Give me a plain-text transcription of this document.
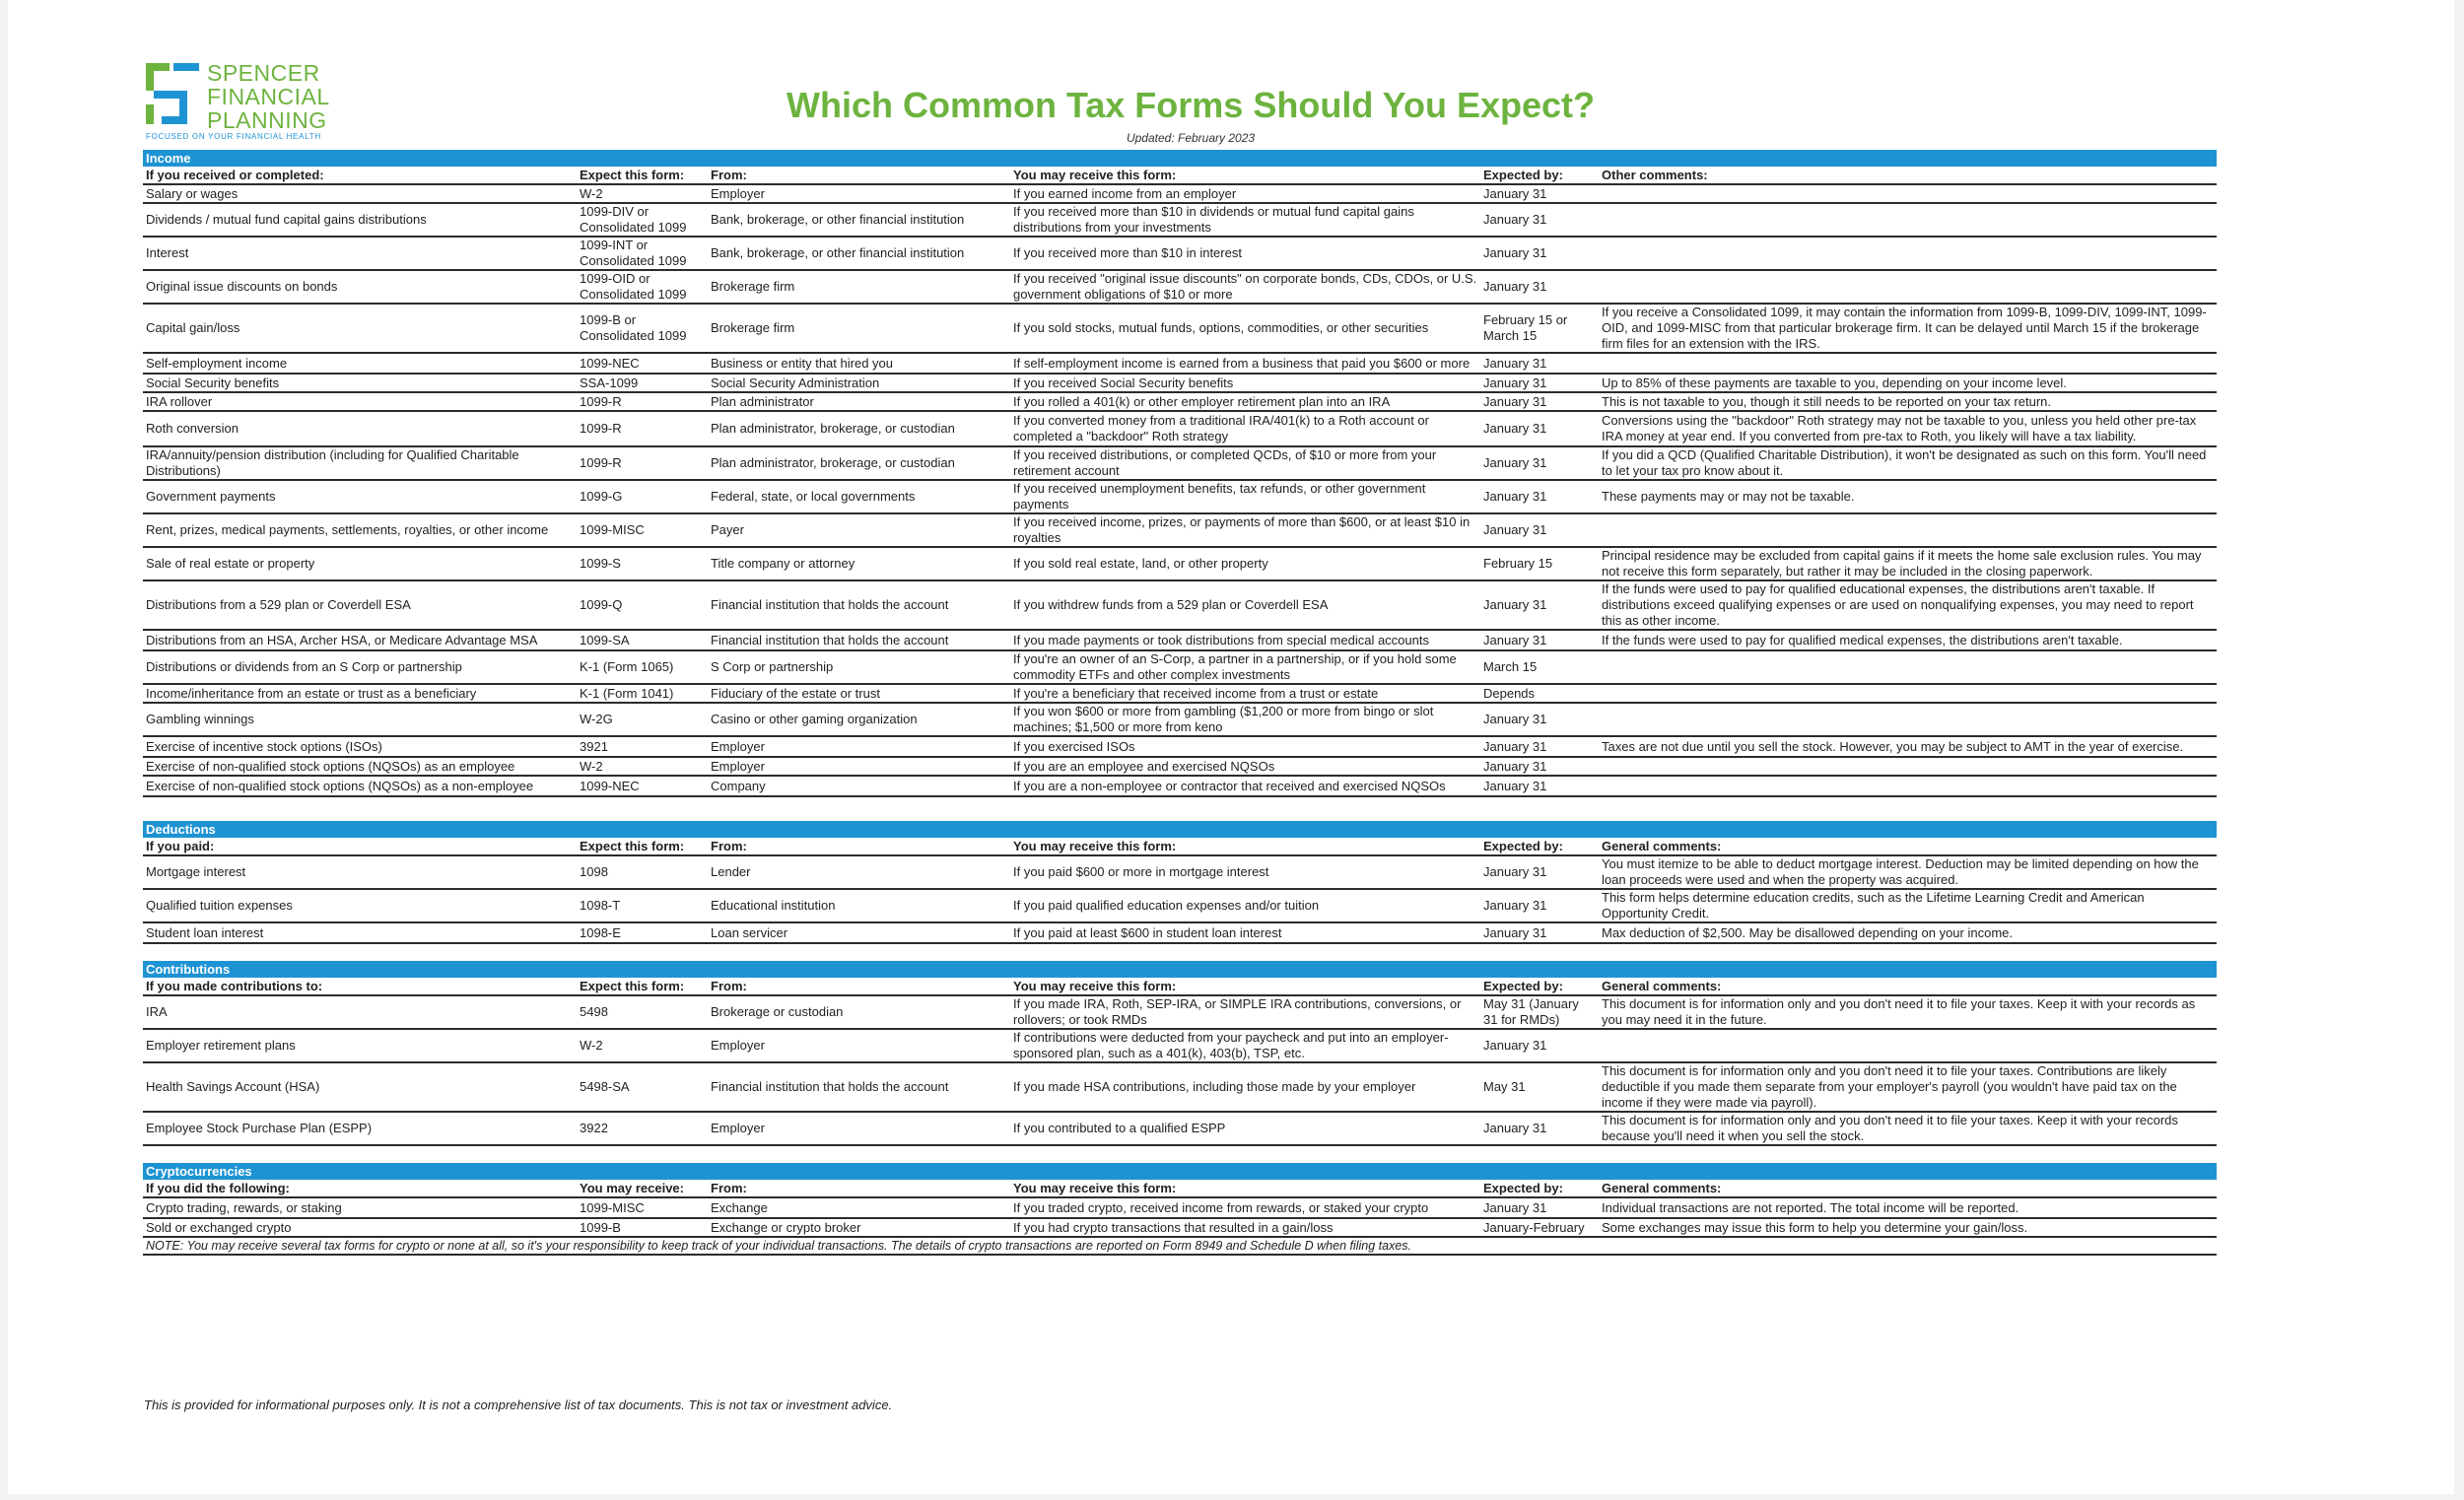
SPENCER
FINANCIAL
PLANNING
FOCUSED ON YOUR FINANCIAL HEALTH
Which Common Tax Forms Should You Expect?
Updated: February 2023
Income					
If you received or completed:	Expect this form:	From:	You may receive this form:	Expected by:	Other comments:
Salary or wages	W-2	Employer	If you earned income from an employer	January 31	
Dividends / mutual fund capital gains distributions	1099-DIV or Consolidated 1099	Bank, brokerage, or other financial institution	If you received more than $10 in dividends or mutual fund capital gains distributions from your investments	January 31	
Interest	1099-INT or Consolidated 1099	Bank, brokerage, or other financial institution	If you received more than $10 in interest	January 31	
Original issue discounts on bonds	1099-OID or Consolidated 1099	Brokerage firm	If you received "original issue discounts" on corporate bonds, CDs, CDOs, or U.S. government obligations of $10 or more	January 31	
Capital gain/loss	1099-B or Consolidated 1099	Brokerage firm	If you sold stocks, mutual funds, options, commodities, or other securities	February 15 or March 15	If you receive a Consolidated 1099, it may contain the information from 1099-B, 1099-DIV, 1099-INT, 1099-OID, and 1099-MISC from that particular brokerage firm. It can be delayed until March 15 if the brokerage firm files for an extension with the IRS.
Self-employment income	1099-NEC	Business or entity that hired you	If self-employment income is earned from a business that paid you $600 or more	January 31	
Social Security benefits	SSA-1099	Social Security Administration	If you received Social Security benefits	January 31	Up to 85% of these payments are taxable to you, depending on your income level.
IRA rollover	1099-R	Plan administrator	If you rolled a 401(k) or other employer retirement plan into an IRA	January 31	This is not taxable to you, though it still needs to be reported on your tax return.
Roth conversion	1099-R	Plan administrator, brokerage, or custodian	If you converted money from a traditional IRA/401(k) to a Roth account or completed a "backdoor" Roth strategy	January 31	Conversions using the "backdoor" Roth strategy may not be taxable to you, unless you held other pre-tax IRA money at year end. If you converted from pre-tax to Roth, you likely will have a tax liability.
IRA/annuity/pension distribution (including for Qualified Charitable Distributions)	1099-R	Plan administrator, brokerage, or custodian	If you received distributions, or completed QCDs, of $10 or more from your retirement account	January 31	If you did a QCD (Qualified Charitable Distribution), it won't be designated as such on this form. You'll need to let your tax pro know about it.
Government payments	1099-G	Federal, state, or local governments	If you received unemployment benefits, tax refunds, or other government payments	January 31	These payments may or may not be taxable.
Rent, prizes, medical payments, settlements, royalties, or other income	1099-MISC	Payer	If you received income, prizes, or payments of more than $600, or at least $10 in royalties	January 31	
Sale of real estate or property	1099-S	Title company or attorney	If you sold real estate, land, or other property	February 15	Principal residence may be excluded from capital gains if it meets the home sale exclusion rules. You may not receive this form separately, but rather it may be included in the closing paperwork.
Distributions from a 529 plan or Coverdell ESA	1099-Q	Financial institution that holds the account	If you withdrew funds from a 529 plan or Coverdell ESA	January 31	If the funds were used to pay for qualified educational expenses, the distributions aren't taxable. If distributions exceed qualifying expenses or are used on nonqualifying expenses, you may need to report this as other income.
Distributions from an HSA, Archer HSA, or Medicare Advantage MSA	1099-SA	Financial institution that holds the account	If you made payments or took distributions from special medical accounts	January 31	If the funds were used to pay for qualified medical expenses, the distributions aren't taxable.
Distributions or dividends from an S Corp or partnership	K-1 (Form 1065)	S Corp or partnership	If you're an owner of an S-Corp, a partner in a partnership, or if you hold some commodity ETFs and other complex investments	March 15	
Income/inheritance from an estate or trust as a beneficiary	K-1 (Form 1041)	Fiduciary of the estate or trust	If you're a beneficiary that received income from a trust or estate	Depends	
Gambling winnings	W-2G	Casino or other gaming organization	If you won $600 or more from gambling ($1,200 or more from bingo or slot machines; $1,500 or more from keno	January 31	
Exercise of incentive stock options (ISOs)	3921	Employer	If you exercised ISOs	January 31	Taxes are not due until you sell the stock. However, you may be subject to AMT in the year of exercise.
Exercise of non-qualified stock options (NQSOs) as an employee	W-2	Employer	If you are an employee and exercised NQSOs	January 31	
Exercise of non-qualified stock options (NQSOs) as a non-employee	1099-NEC	Company	If you are a non-employee or contractor that received and exercised NQSOs	January 31	

Deductions					
If you paid:	Expect this form:	From:	You may receive this form:	Expected by:	General comments:
Mortgage interest	1098	Lender	If you paid $600 or more in mortgage interest	January 31	You must itemize to be able to deduct mortgage interest. Deduction may be limited depending on how the loan proceeds were used and when the property was acquired.
Qualified tuition expenses	1098-T	Educational institution	If you paid qualified education expenses and/or tuition	January 31	This form helps determine education credits, such as the Lifetime Learning Credit and American Opportunity Credit.
Student loan interest	1098-E	Loan servicer	If you paid at least $600 in student loan interest	January 31	Max deduction of $2,500. May be disallowed depending on your income.

Contributions					
If you made contributions to:	Expect this form:	From:	You may receive this form:	Expected by:	General comments:
IRA	5498	Brokerage or custodian	If you made IRA, Roth, SEP-IRA, or SIMPLE IRA contributions, conversions, or rollovers; or took RMDs	May 31 (January 31 for RMDs)	This document is for information only and you don't need it to file your taxes. Keep it with your records as you may need it in the future.
Employer retirement plans	W-2	Employer	If contributions were deducted from your paycheck and put into an employer-sponsored plan, such as a 401(k), 403(b), TSP, etc.	January 31	
Health Savings Account (HSA)	5498-SA	Financial institution that holds the account	If you made HSA contributions, including those made by your employer	May 31	This document is for information only and you don't need it to file your taxes. Contributions are likely deductible if you made them separate from your employer's payroll (you wouldn't have paid tax on the income if they were made via payroll).
Employee Stock Purchase Plan (ESPP)	3922	Employer	If you contributed to a qualified ESPP	January 31	This document is for information only and you don't need it to file your taxes. Keep it with your records because you'll need it when you sell the stock.

Cryptocurrencies					
If you did the following:	You may receive:	From:	You may receive this form:	Expected by:	General comments:
Crypto trading, rewards, or staking	1099-MISC	Exchange	If you traded crypto, received income from rewards, or staked your crypto	January 31	Individual transactions are not reported. The total income will be reported.
Sold or exchanged crypto	1099-B	Exchange or crypto broker	If you had crypto transactions that resulted in a gain/loss	January-February	Some exchanges may issue this form to help you determine your gain/loss.
NOTE: You may receive several tax forms for crypto or none at all, so it's your responsibility to keep track of your individual transactions. The details of crypto transactions are reported on Form 8949 and Schedule D when filing taxes.					
This is provided for informational purposes only. It is not a comprehensive list of tax documents. This is not tax or investment advice.
